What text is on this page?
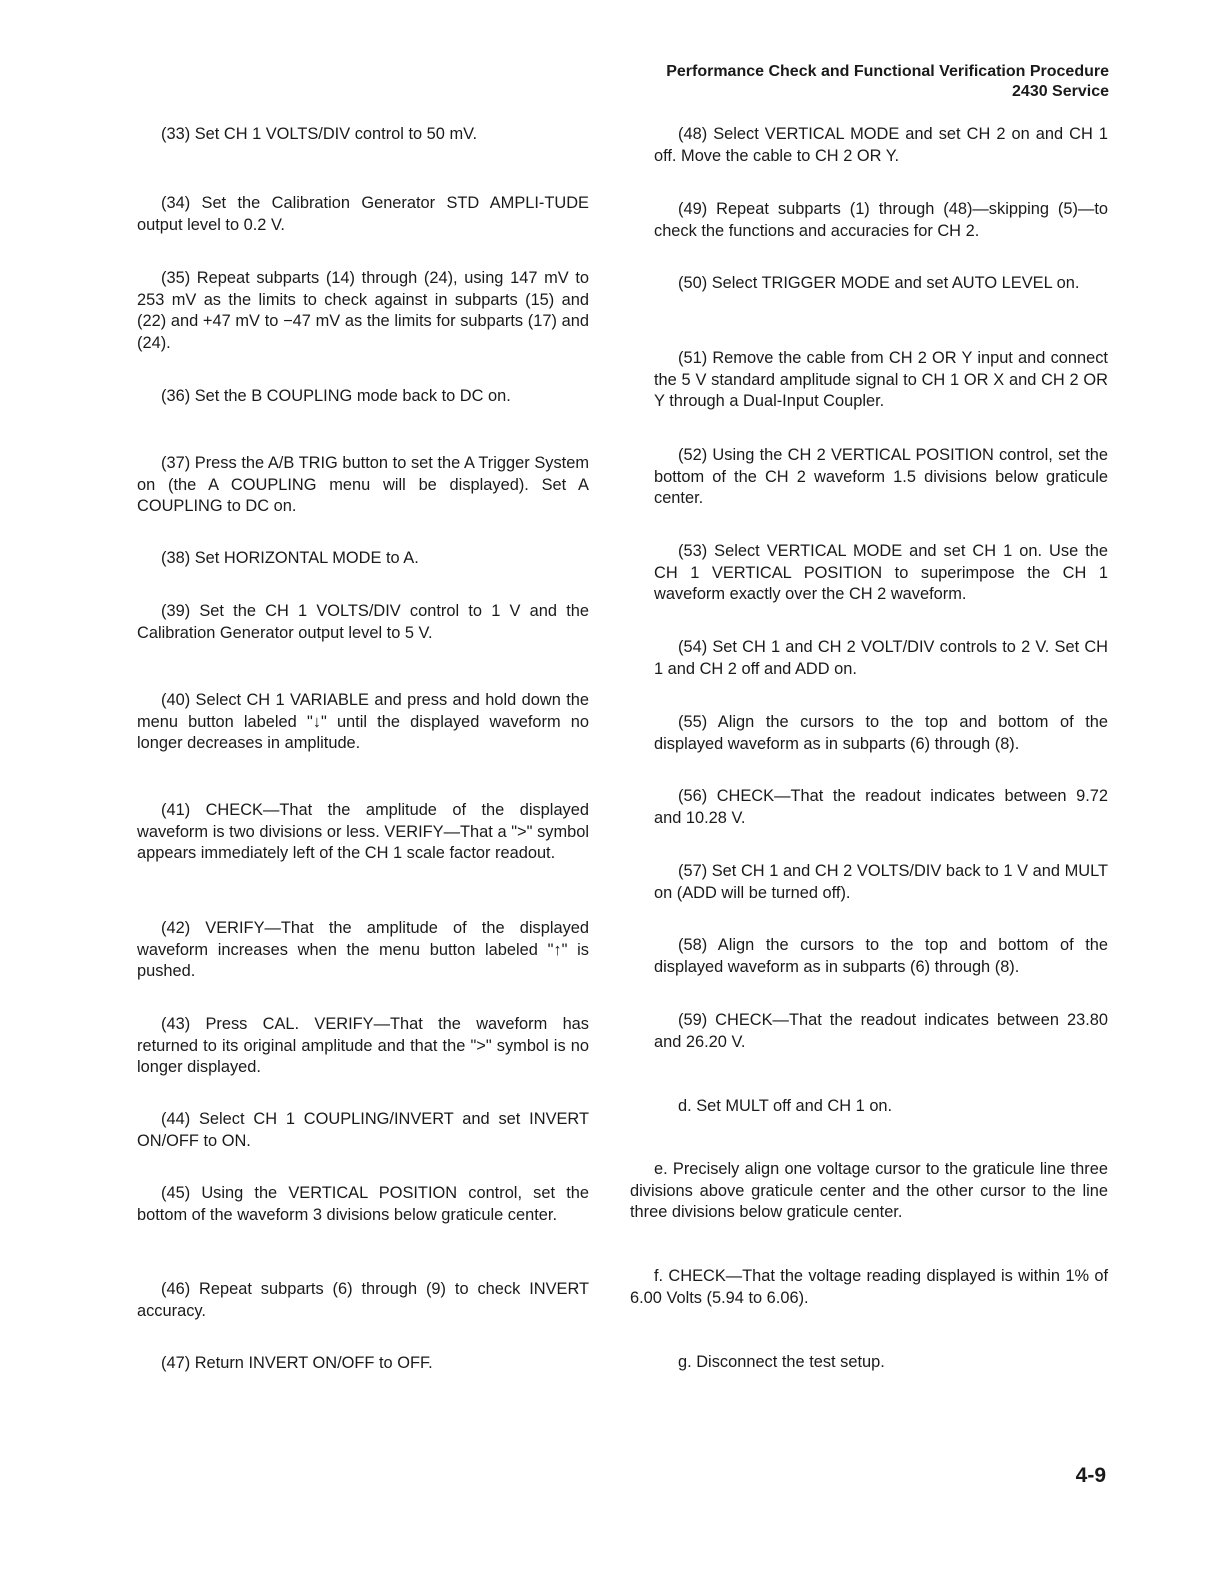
Performance Check and Functional Verification Procedure
2430 Service

(33) Set CH 1 VOLTS/DIV control to 50 mV.

(34) Set the Calibration Generator STD AMPLI-TUDE output level to 0.2 V.

(35) Repeat subparts (14) through (24), using 147 mV to 253 mV as the limits to check against in subparts (15) and (22) and +47 mV to −47 mV as the limits for subparts (17) and (24).

(36) Set the B COUPLING mode back to DC on.

(37) Press the A/B TRIG button to set the A Trigger System on (the A COUPLING menu will be displayed). Set A COUPLING to DC on.

(38) Set HORIZONTAL MODE to A.

(39) Set the CH 1 VOLTS/DIV control to 1 V and the Calibration Generator output level to 5 V.

(40) Select CH 1 VARIABLE and press and hold down the menu button labeled "↓" until the displayed waveform no longer decreases in amplitude.

(41) CHECK—That the amplitude of the displayed waveform is two divisions or less. VERIFY—That a ">" symbol appears immediately left of the CH 1 scale factor readout.

(42) VERIFY—That the amplitude of the displayed waveform increases when the menu button labeled "↑" is pushed.

(43) Press CAL. VERIFY—That the waveform has returned to its original amplitude and that the ">" symbol is no longer displayed.

(44) Select CH 1 COUPLING/INVERT and set INVERT ON/OFF to ON.

(45) Using the VERTICAL POSITION control, set the bottom of the waveform 3 divisions below graticule center.

(46) Repeat subparts (6) through (9) to check INVERT accuracy.

(47) Return INVERT ON/OFF to OFF.

(48) Select VERTICAL MODE and set CH 2 on and CH 1 off. Move the cable to CH 2 OR Y.

(49) Repeat subparts (1) through (48)—skipping (5)—to check the functions and accuracies for CH 2.

(50) Select TRIGGER MODE and set AUTO LEVEL on.

(51) Remove the cable from CH 2 OR Y input and connect the 5 V standard amplitude signal to CH 1 OR X and CH 2 OR Y through a Dual-Input Coupler.

(52) Using the CH 2 VERTICAL POSITION control, set the bottom of the CH 2 waveform 1.5 divisions below graticule center.

(53) Select VERTICAL MODE and set CH 1 on. Use the CH 1 VERTICAL POSITION to superimpose the CH 1 waveform exactly over the CH 2 waveform.

(54) Set CH 1 and CH 2 VOLT/DIV controls to 2 V. Set CH 1 and CH 2 off and ADD on.

(55) Align the cursors to the top and bottom of the displayed waveform as in subparts (6) through (8).

(56) CHECK—That the readout indicates between 9.72 and 10.28 V.

(57) Set CH 1 and CH 2 VOLTS/DIV back to 1 V and MULT on (ADD will be turned off).

(58) Align the cursors to the top and bottom of the displayed waveform as in subparts (6) through (8).

(59) CHECK—That the readout indicates between 23.80 and 26.20 V.

d. Set MULT off and CH 1 on.

e. Precisely align one voltage cursor to the graticule line three divisions above graticule center and the other cursor to the line three divisions below graticule center.

f. CHECK—That the voltage reading displayed is within 1% of 6.00 Volts (5.94 to 6.06).

g. Disconnect the test setup.

4-9
